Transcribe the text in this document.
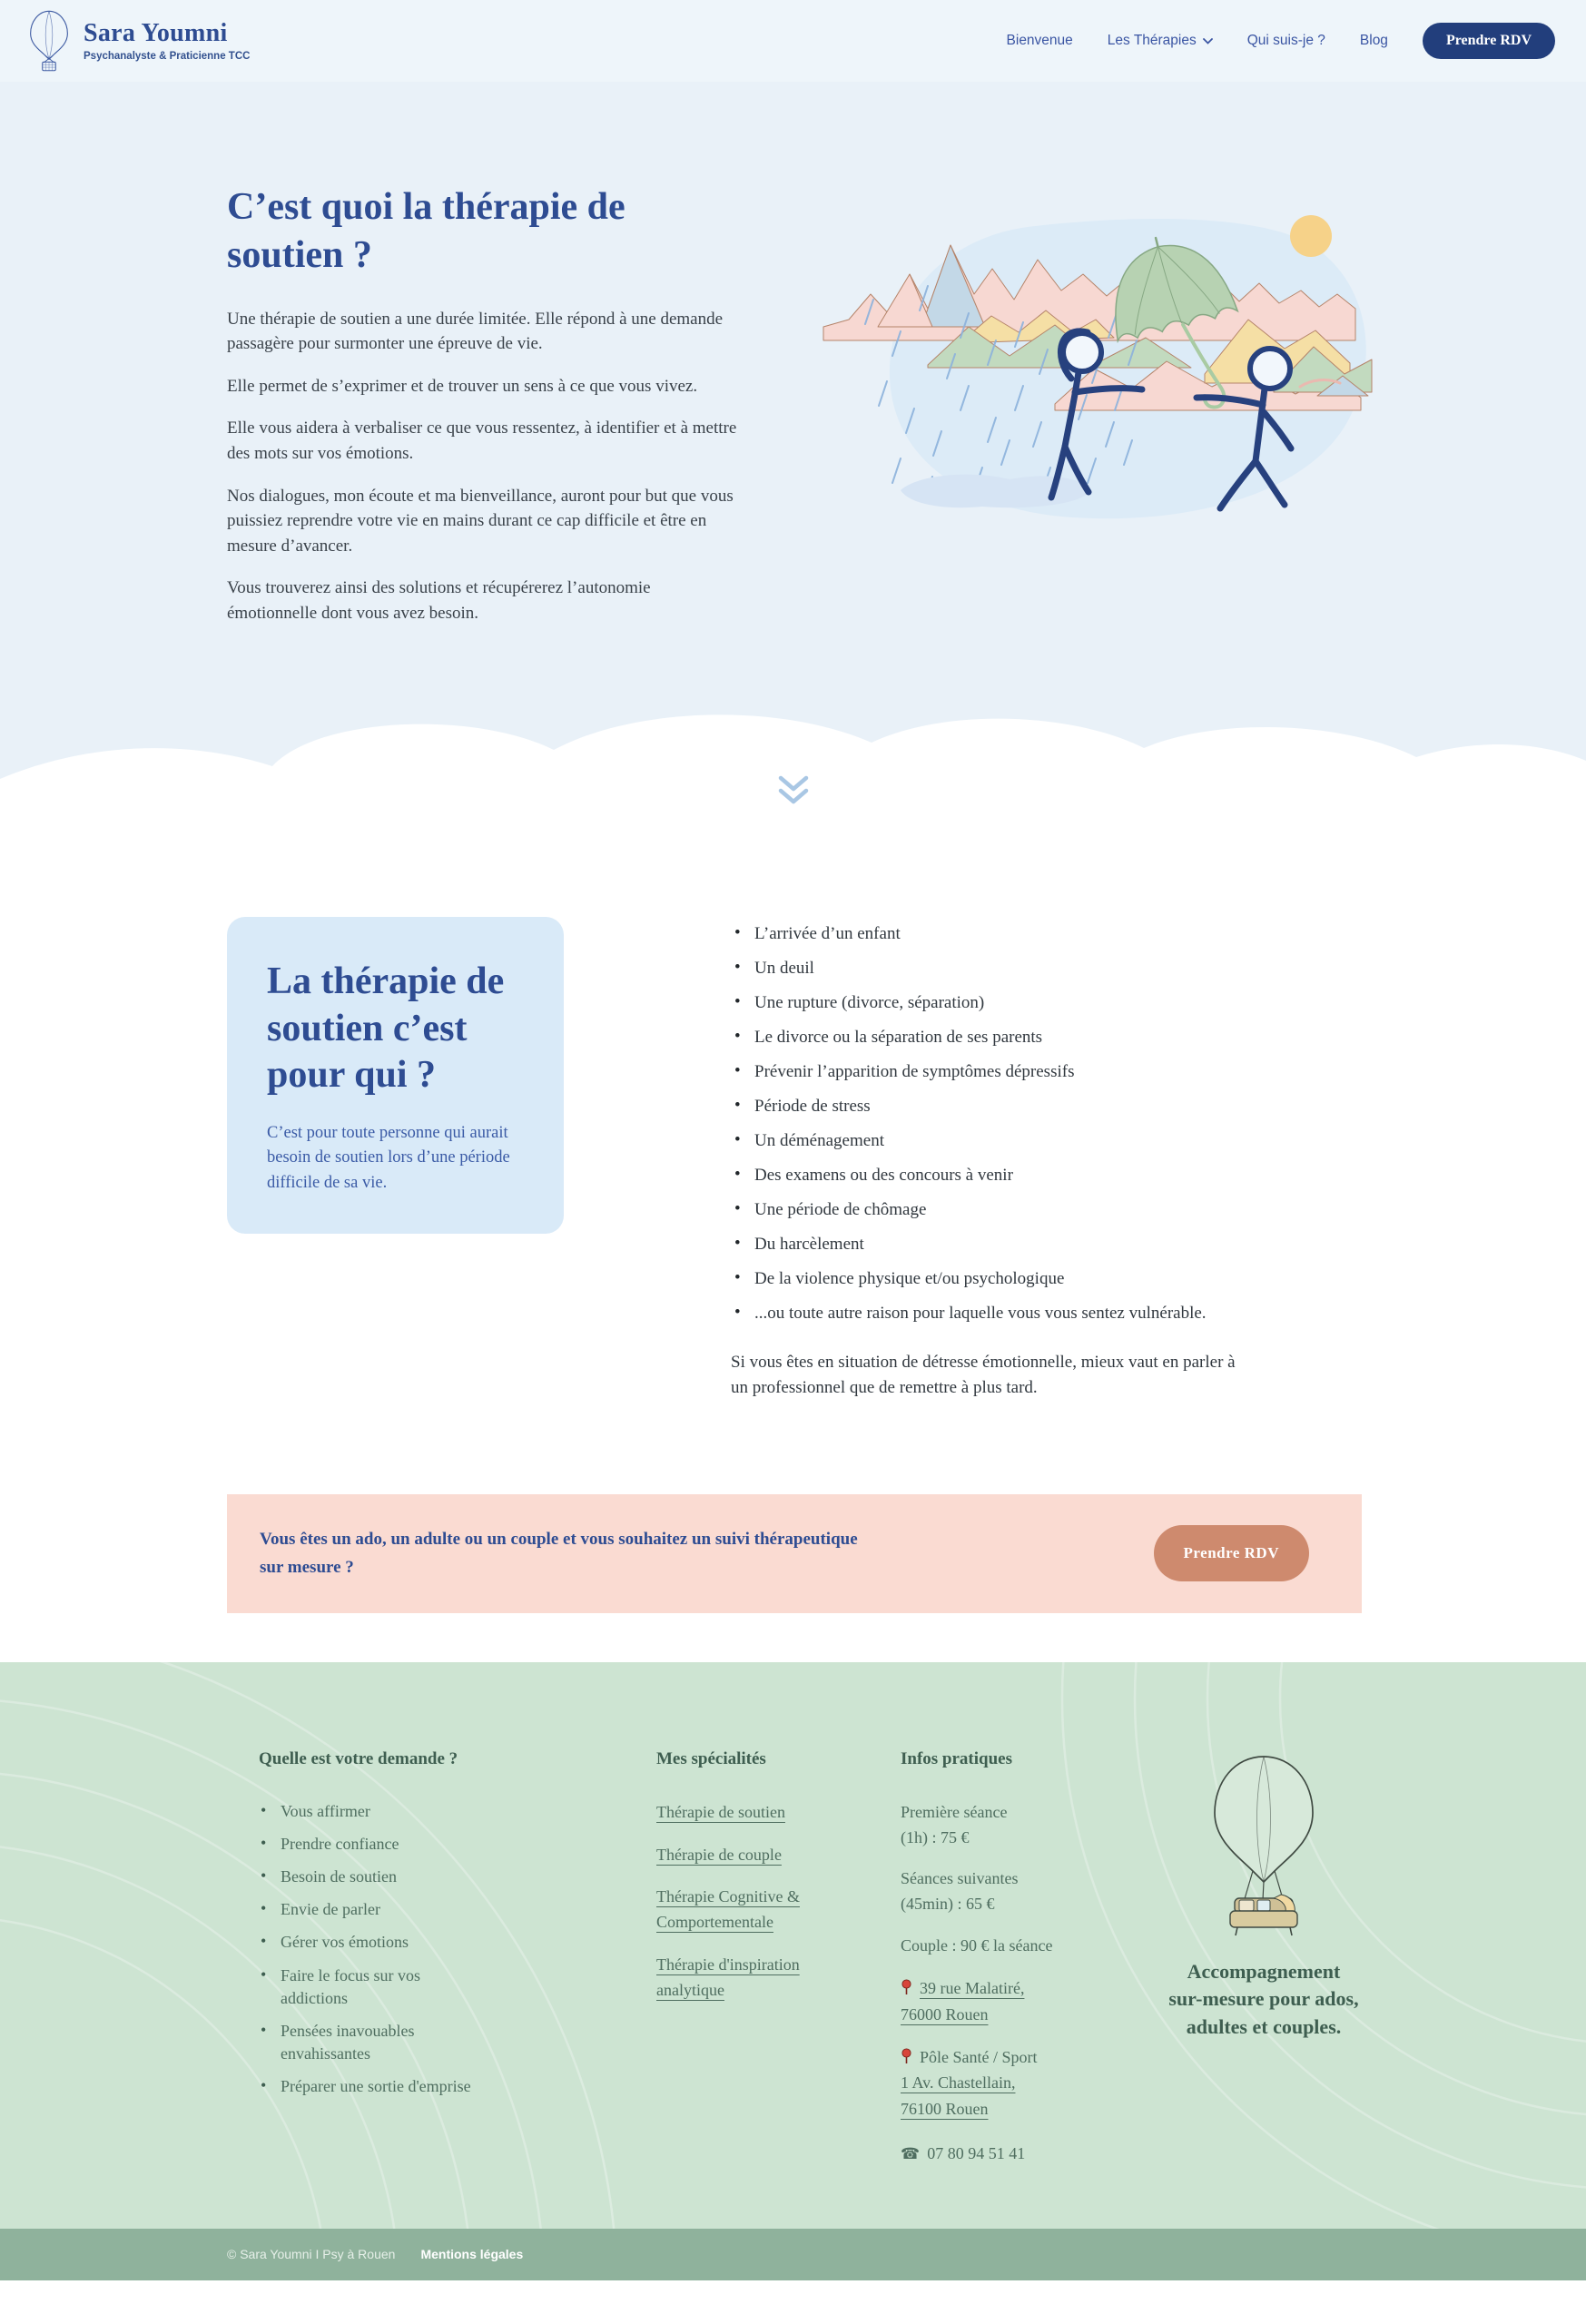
Sara Youmni
Psychanalyste & Praticienne TCC
Bienvenue Les Thérapies	Qui suis-je ? Blog	Prendre RDV
C’est quoi la thérapie de soutien ?

Une thérapie de soutien a une durée limitée. Elle répond à une demande passagère pour surmonter une épreuve de vie.

Elle permet de s’exprimer et de trouver un sens à ce que vous vivez.

Elle vous aidera à verbaliser ce que vous ressentez, à identifier et à mettre des mots sur vos émotions.

Nos dialogues, mon écoute et ma bienveillance, auront pour but que vous puissiez reprendre votre vie en mains durant ce cap difficile et être en mesure d’avancer.

Vous trouverez ainsi des solutions et récupérerez l’autonomie émotionnelle dont vous avez besoin.

La thérapie de soutien c’est pour qui ?

C’est pour toute personne qui aurait besoin de soutien lors d’une période difficile de sa vie.

• L’arrivée d’un enfant
• Un deuil
• Une rupture (divorce, séparation)
• Le divorce ou la séparation de ses parents
• Prévenir l’apparition de symptômes dépressifs
• Période de stress
• Un déménagement
• Des examens ou des concours à venir
• Une période de chômage
• Du harcèlement
• De la violence physique et/ou psychologique
• ...ou toute autre raison pour laquelle vous vous sentez vulnérable.

Si vous êtes en situation de détresse émotionnelle, mieux vaut en parler à un professionnel que de remettre à plus tard.

Vous êtes un ado, un adulte ou un couple et vous souhaitez un suivi thérapeutique sur mesure ?

Prendre RDV
Quelle est votre demande ?
• Vous affirmer
• Prendre confiance
• Besoin de soutien
• Envie de parler
• Gérer vos émotions
• Faire le focus sur vos addictions
• Pensées inavouables envahissantes
• Préparer une sortie d'emprise
Mes spécialités
Thérapie de soutien
Thérapie de couple
Thérapie Cognitive & Comportementale
Thérapie d'inspiration analytique
Infos pratiques
Première séance
(1h) : 75 €
Séances suivantes
(45min) : 65 €
Couple : 90 € la séance
39 rue Malatiré,
76000 Rouen
Pôle Santé / Sport
1 Av. Chastellain,
76100 Rouen
☎ 07 80 94 51 41

Accompagnement sur-mesure pour ados, adultes et couples.

© Sara Youmni I Psy à Rouen Mentions légales
